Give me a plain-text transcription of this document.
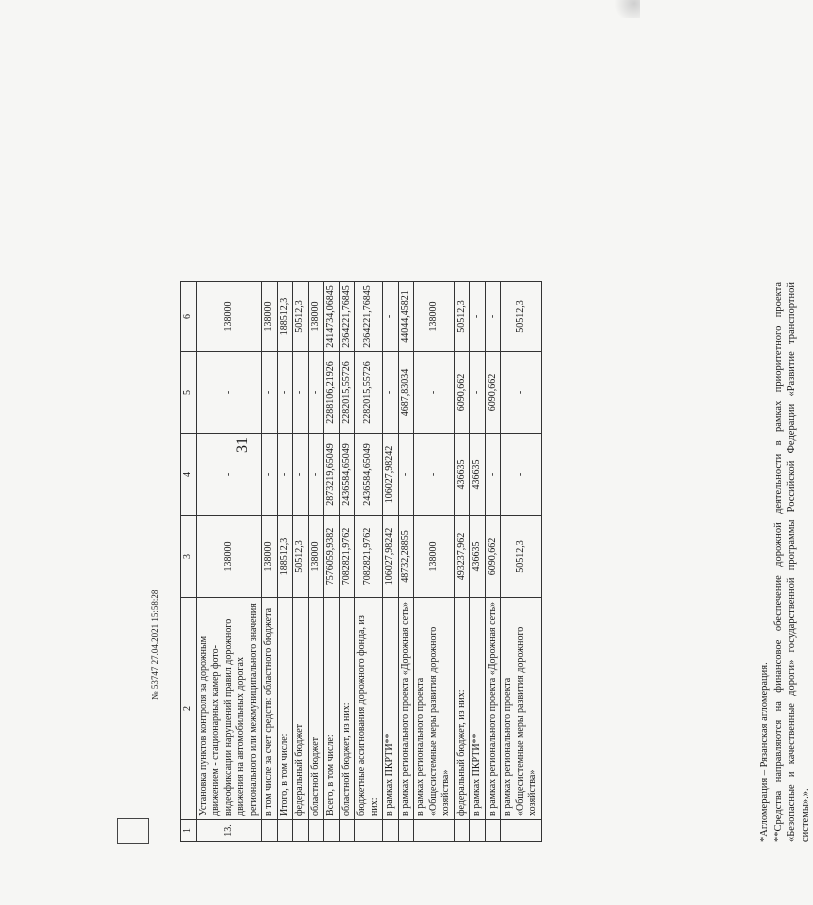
31
1	2	3	4	5	6
13.	Установка пунктов контроля за дорожным движением - стационарных камер фото-видеофиксации нарушений правил дорожного движения на автомобильных дорогах регионального или межмуниципального значения	138000	-	-	138000
	в том числе за счет средств: областного бюджета	138000	-	-	138000
	Итого, в том числе:	188512,3	-	-	188512,3
	федеральный бюджет	50512,3	-	-	50512,3
	областной бюджет	138000	-	-	138000
	Всего, в том числе:	7576059,9382	2873219,65049	2288106,21926	2414734,06845
	областной бюджет, из них:	7082821,9762	2436584,65049	2282015,55726	2364221,76845
	бюджетные ассигнования дорожного фонда, из них:	7082821,9762	2436584,65049	2282015,55726	2364221,76845
	в рамках ПКРТИ**	106027,98242	106027,98242	-	-
	в рамках регионального проекта «Дорожная сеть»	48732,28855	-	4687,83034	44044,45821
	в рамках регионального проекта «Общесистемные меры развития дорожного хозяйства»	138000	-	-	138000
	федеральный бюджет, из них:	493237,962	436635	6090,662	50512,3
	в рамках ПКРТИ**	436635	436635	-	-
	в рамках регионального проекта «Дорожная сеть»	6090,662	-	6090,662	-
	в рамках регионального проекта «Общесистемные меры развития дорожного хозяйства»	50512,3	-	-	50512,3

*Агломерация – Рязанская агломерация. **Средства направляются на финансовое обеспечение дорожной деятельности в рамках приоритетного проекта «Безопасные и качественные дороги» государственной программы Российской Федерации «Развитие транспортной системы».».

№ 53747 27.04.2021 15:58:28
